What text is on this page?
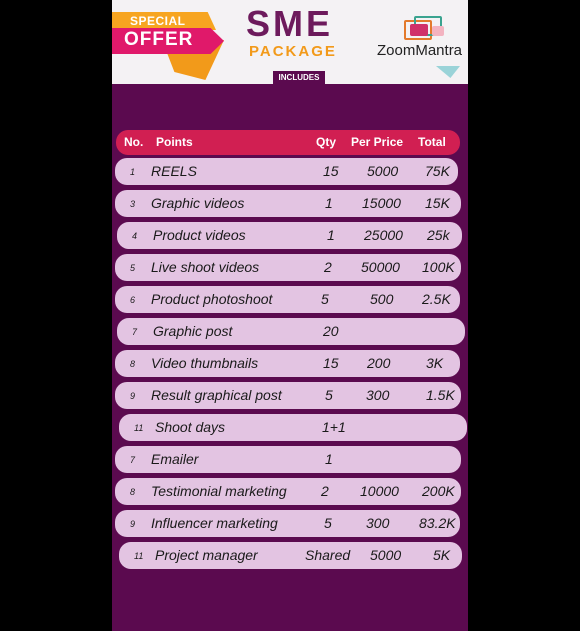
SPECIAL
OFFER SME
PACKAGE
INCLUDES
ZoomMantra
No. Points	Qty Per Price Total
1 REELS	15 5000 75K
3 Graphic videos	1 15000 15K
4 Product videos	1 25000 25k
5 Live shoot videos	2 50000 100K
6 Product photoshoot	5	500 2.5K
7 Graphic post	20
8 Video thumbnails	15 200	3K
9 Result graphical post	5 300	1.5K
11 Shoot days	1+1
7 Emailer	1
8 Testimonial marketing 2 10000 200K
9 Influencer marketing	5 300 83.2K
11 Project manager	Shared 5000 5K
